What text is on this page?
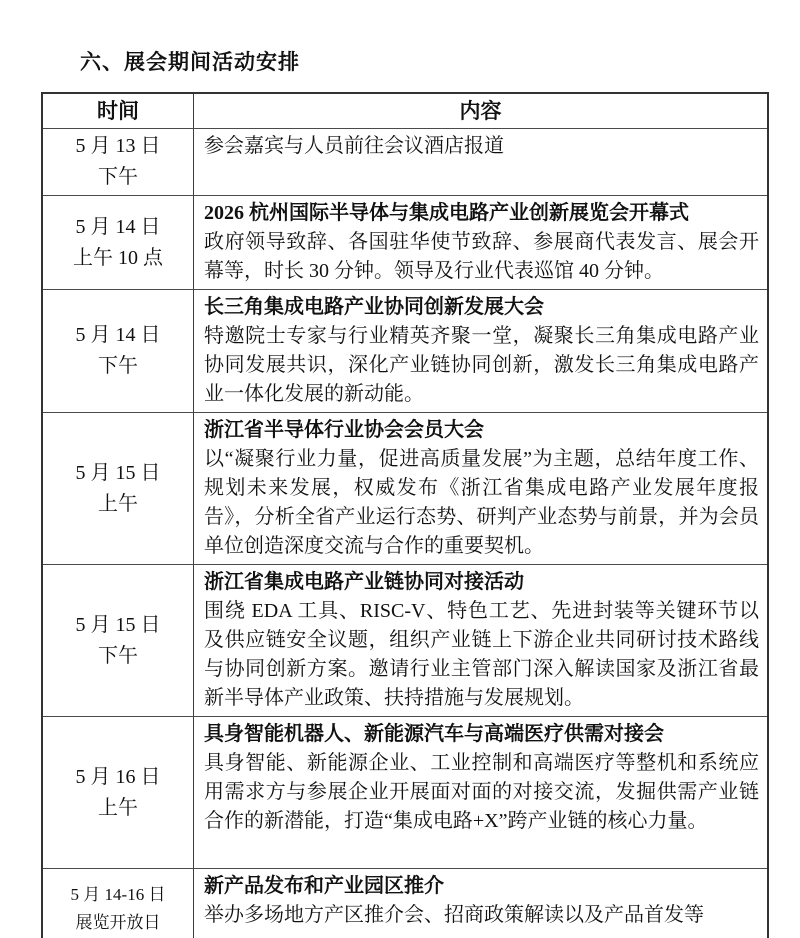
六、展会期间活动安排
时间	内容
5 月 13 日
下午
参会嘉宾与人员前往会议酒店报道
5 月 14 日
上午 10 点
2026 杭州国际半导体与集成电路产业创新展览会开幕式
政府领导致辞、各国驻华使节致辞、参展商代表发言、展会开幕等，时长 30 分钟。领导及行业代表巡馆 40 分钟。
5 月 14 日
下午
长三角集成电路产业协同创新发展大会
特邀院士专家与行业精英齐聚一堂，凝聚长三角集成电路产业协同发展共识，深化产业链协同创新，激发长三角集成电路产业一体化发展的新动能。
5 月 15 日
上午
浙江省半导体行业协会会员大会
以“凝聚行业力量，促进高质量发展”为主题，总结年度工作、规划未来发展，权威发布《浙江省集成电路产业发展年度报告》，分析全省产业运行态势、研判产业态势与前景，并为会员单位创造深度交流与合作的重要契机。
5 月 15 日
下午
浙江省集成电路产业链协同对接活动
围绕 EDA 工具、RISC-V、特色工艺、先进封装等关键环节以及供应链安全议题，组织产业链上下游企业共同研讨技术路线与协同创新方案。邀请行业主管部门深入解读国家及浙江省最新半导体产业政策、扶持措施与发展规划。
5 月 16 日
上午
具身智能机器人、新能源汽车与高端医疗供需对接会
具身智能、新能源企业、工业控制和高端医疗等整机和系统应用需求方与参展企业开展面对面的对接交流，发掘供需产业链合作的新潜能，打造“集成电路+X”跨产业链的核心力量。
5 月 14-16 日
展览开放日
新产品发布和产业园区推介
举办多场地方产区推介会、招商政策解读以及产品首发等
